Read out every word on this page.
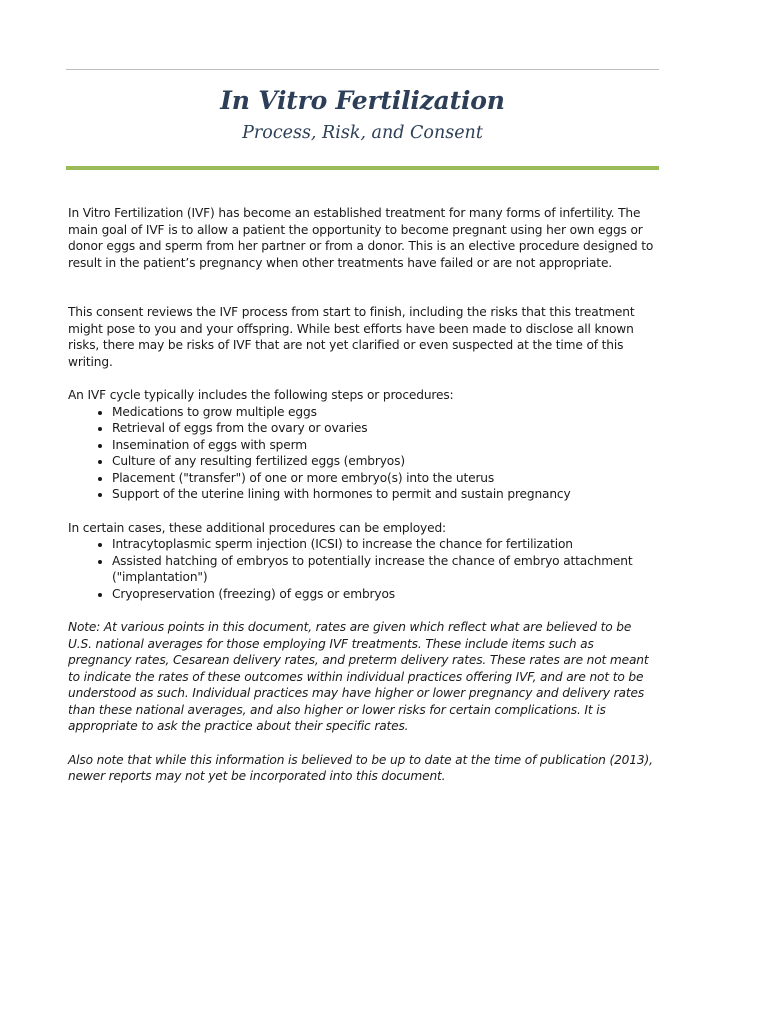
In Vitro Fertilization
Process, Risk, and Consent

In Vitro Fertilization (IVF) has become an established treatment for many forms of infertility. The main goal of IVF is to allow a patient the opportunity to become pregnant using her own eggs or donor eggs and sperm from her partner or from a donor. This is an elective procedure designed to result in the patient’s pregnancy when other treatments have failed or are not appropriate.

This consent reviews the IVF process from start to finish, including the risks that this treatment might pose to you and your offspring. While best efforts have been made to disclose all known risks, there may be risks of IVF that are not yet clarified or even suspected at the time of this writing.

An IVF cycle typically includes the following steps or procedures:

• Medications to grow multiple eggs
• Retrieval of eggs from the ovary or ovaries
• Insemination of eggs with sperm
• Culture of any resulting fertilized eggs (embryos)
• Placement ("transfer") of one or more embryo(s) into the uterus
• Support of the uterine lining with hormones to permit and sustain pregnancy

In certain cases, these additional procedures can be employed:

• Intracytoplasmic sperm injection (ICSI) to increase the chance for fertilization
• Assisted hatching of embryos to potentially increase the chance of embryo attachment ("implantation")
• Cryopreservation (freezing) of eggs or embryos

Note: At various points in this document, rates are given which reflect what are believed to be U.S. national averages for those employing IVF treatments. These include items such as pregnancy rates, Cesarean delivery rates, and preterm delivery rates. These rates are not meant to indicate the rates of these outcomes within individual practices offering IVF, and are not to be understood as such. Individual practices may have higher or lower pregnancy and delivery rates than these national averages, and also higher or lower risks for certain complications. It is appropriate to ask the practice about their specific rates.

Also note that while this information is believed to be up to date at the time of publication (2013), newer reports may not yet be incorporated into this document.
